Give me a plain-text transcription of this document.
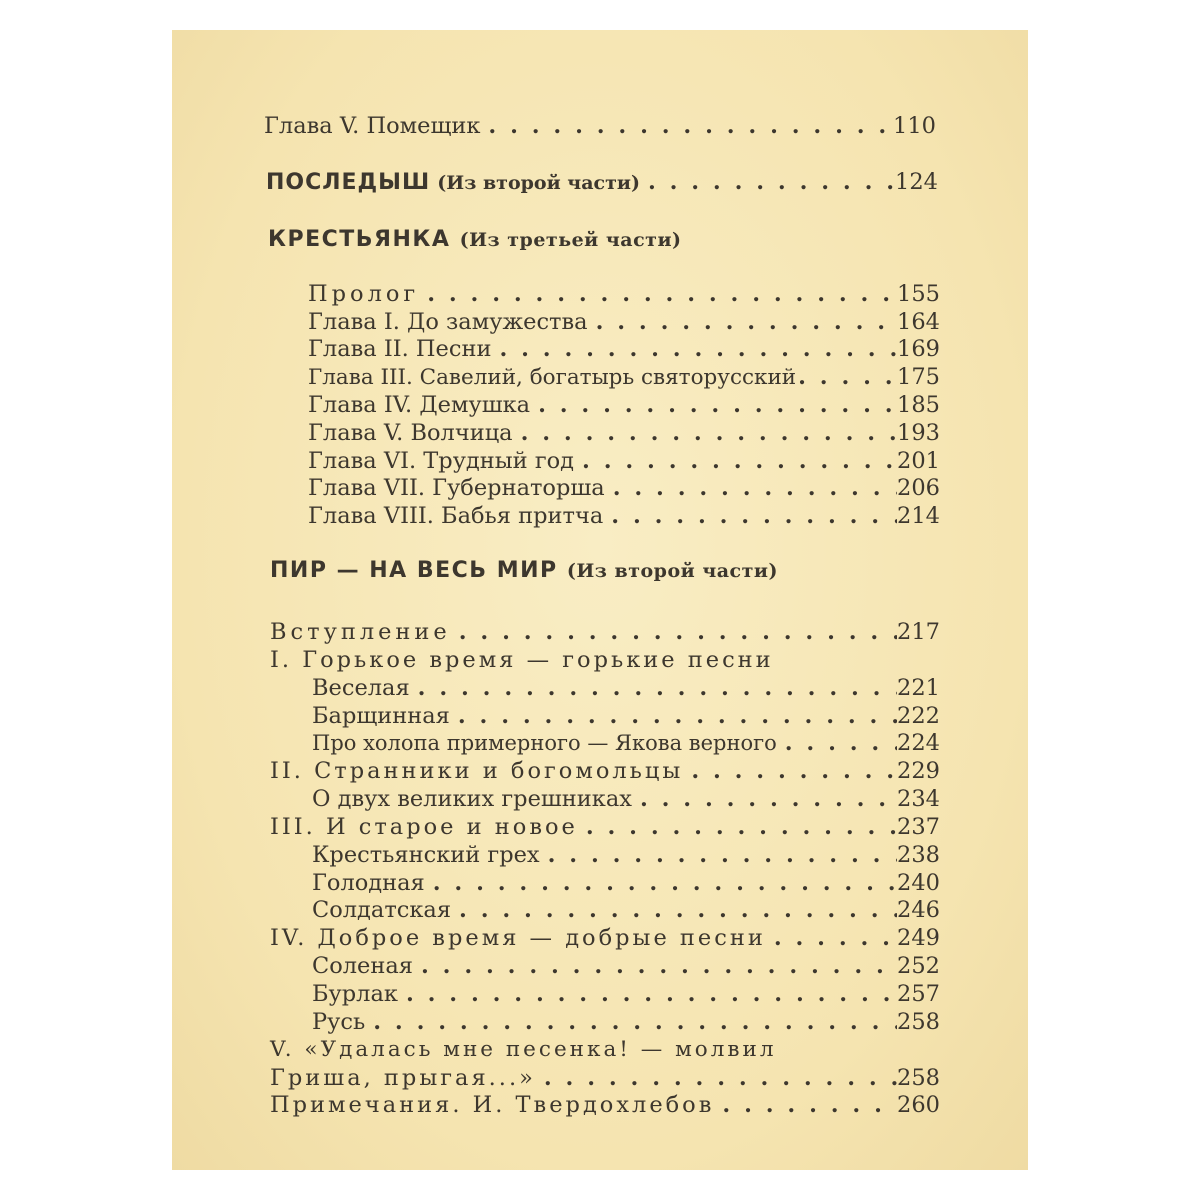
Глава V. Помещик . . .	110
ПОСЛЕДЫШ (Из второй части) . . .	124
КРЕСТЬЯНКА (Из третьей части)
Пролог . . .	155
Глава I. До замужества . . .	164
Глава II. Песни . . .	169
Глава III. Савелий, богатырь святорусский . . .	175
Глава IV. Демушка . . .	185
Глава V. Волчица . . .	193
Глава VI. Трудный год . . .	201
Глава VII. Губернаторша . . .	206
Глава VIII. Бабья притча . . .	214
ПИР — НА ВЕСЬ МИР (Из второй части)
Вступление . . .	217
I. Горькое время — горькие песни
Веселая . . .	221
Барщинная . . .	222
Про холопа примерного — Якова верного . . .	224
II. Странники и богомольцы . . .	229
О двух великих грешниках . . .	234
III. И старое и новое . . .	237
Крестьянский грех . . .	238
Голодная . . .	240
Солдатская . . .	246
IV. Доброе время — добрые песни . . .	249
Соленая . . .	252
Бурлак . . .	257
Русь . . .	258
V. «Удалась мне песенка! — молвил
Гриша, прыгая...» . . .	258
Примечания. И. Твердохлебов . . .	260
